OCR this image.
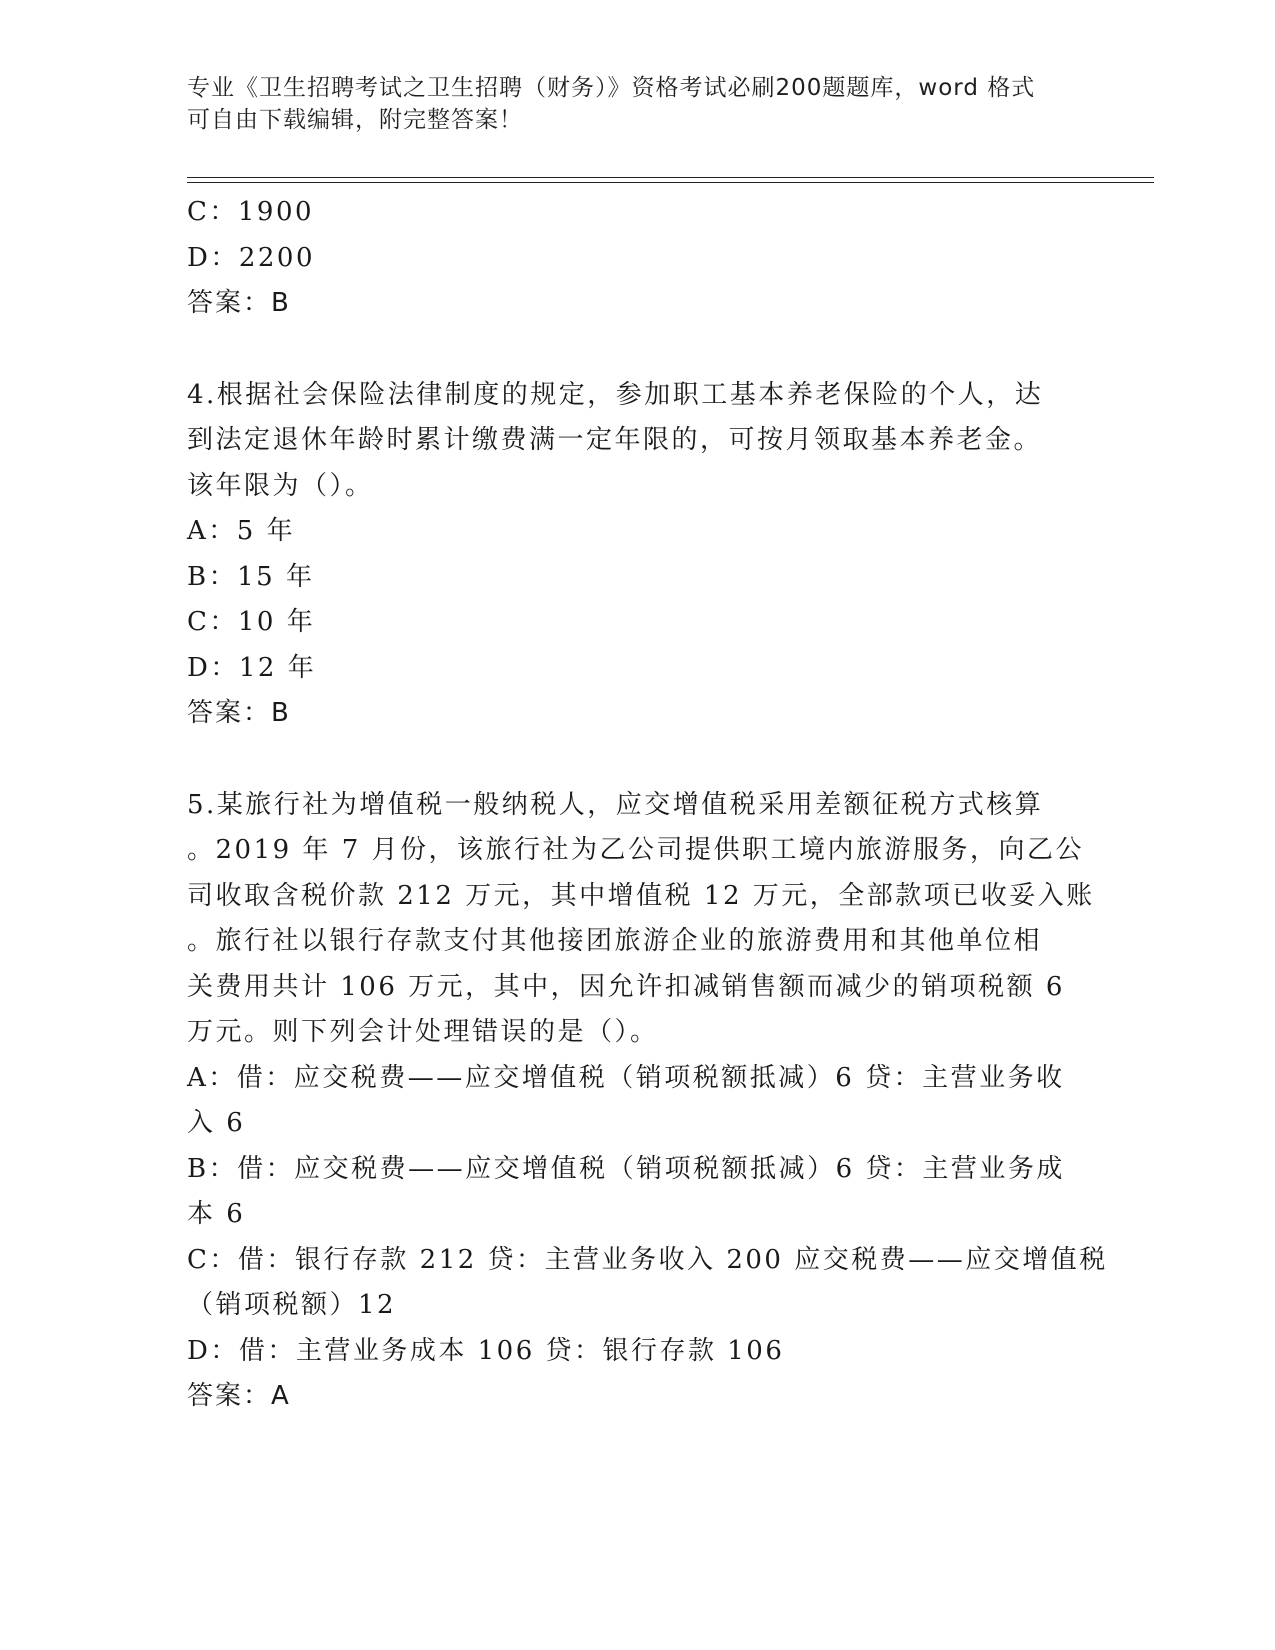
专业《卫生招聘考试之卫生招聘（财务）》资格考试必刷200题题库，word 格式
可自由下载编辑，附完整答案！
C：1900
D：2200
答案：B
4.根据社会保险法律制度的规定，参加职工基本养老保险的个人，达
到法定退休年龄时累计缴费满一定年限的，可按月领取基本养老金。
该年限为（）。
A：5 年
B：15 年
C：10 年
D：12 年
答案：B
5.某旅行社为增值税一般纳税人，应交增值税采用差额征税方式核算
。2019 年 7 月份，该旅行社为乙公司提供职工境内旅游服务，向乙公
司收取含税价款 212 万元，其中增值税 12 万元，全部款项已收妥入账
。旅行社以银行存款支付其他接团旅游企业的旅游费用和其他单位相
关费用共计 106 万元，其中，因允许扣减销售额而减少的销项税额 6
万元。则下列会计处理错误的是（）。
A：借：应交税费——应交增值税（销项税额抵减）6 贷：主营业务收
入 6
B：借：应交税费——应交增值税（销项税额抵减）6 贷：主营业务成
本 6
C：借：银行存款 212 贷：主营业务收入 200 应交税费——应交增值税
（销项税额）12
D：借：主营业务成本 106 贷：银行存款 106
答案：A
